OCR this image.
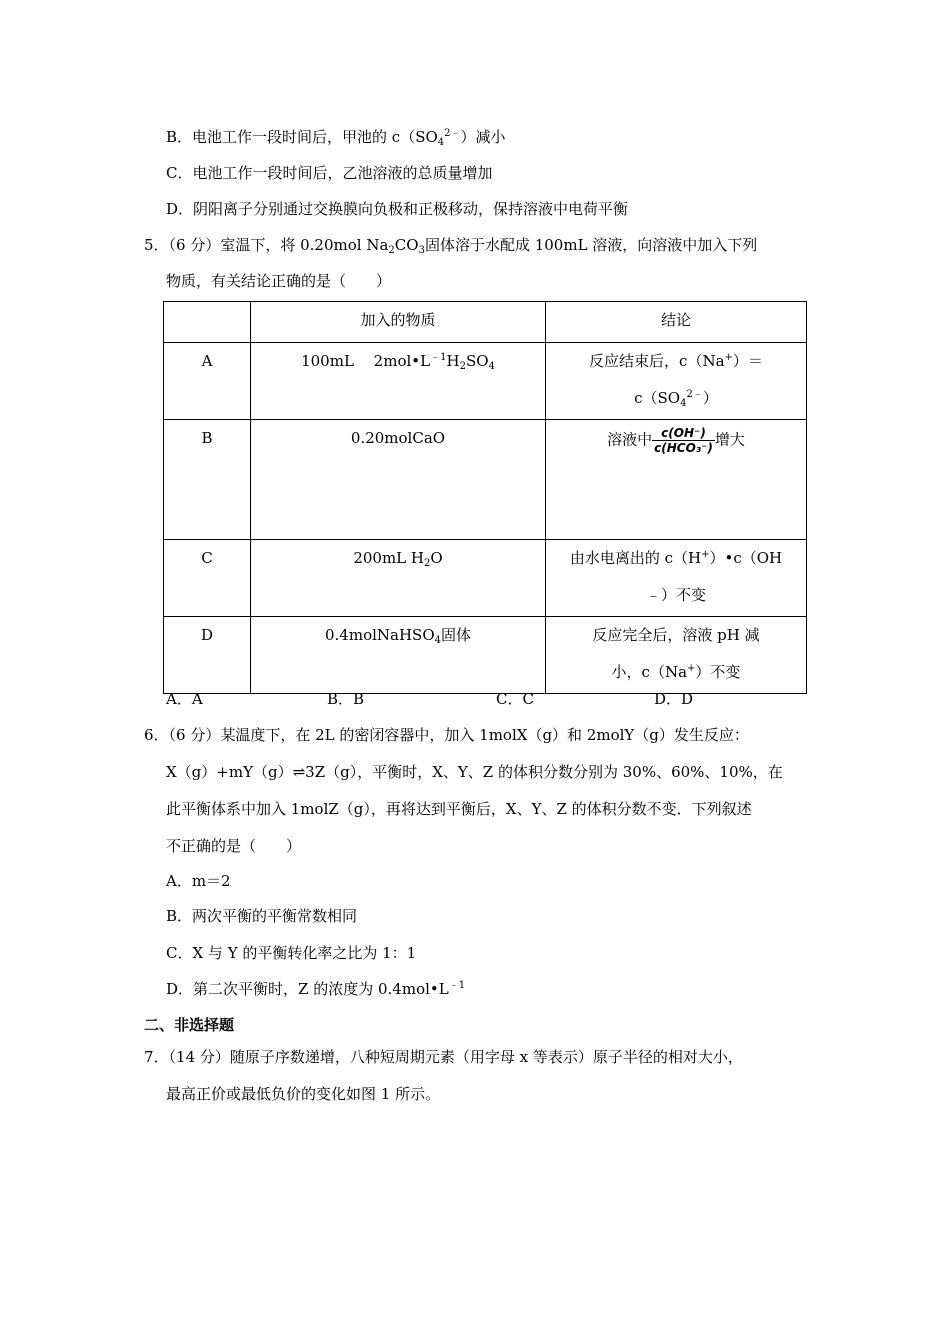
B．电池工作一段时间后，甲池的 $c(SO_4^{2﹣})$减小
C．电池工作一段时间后，乙池溶液的总质量增加
D．阴阳离子分别通过交换膜向负极和正极移动，保持溶液中电荷平衡
5．（6 分）室温下，将 0.20mol $Na_2CO_3$固体溶于水配成 100mL 溶液，向溶液中加入下列
物质，有关结论正确的是（　　）
	加入的物质	结论
A	100mL　 $2mol•L^{﹣1}H_2SO_4$	反应结束后，c（Na+）＝
$c(SO_4^{2﹣})$

B	0.20molCaO	溶液中 $\frac{c(OH^-)}{\text{c(HCO₃⁻)}}$ 增大
C	200mL $H_2O$	由水电离出的 c（H+）•c（OH
﹣）不变

D	0.4molNaHSO$_4$固体	反应完全后，溶液 pH 减
小，c（Na+）不变
A．A	B．B	C．C	D．D
6．（6 分）某温度下，在 2L 的密闭容器中，加入 1molX（g）和 2molY（g）发生反应：
X（g）+mY（g）⇌3Z（g），平衡时，X、Y、Z 的体积分数分别为 30%、60%、10%，在
此平衡体系中加入 1molZ（g），再将达到平衡后，X、Y、Z 的体积分数不变．下列叙述
不正确的是（　　）
A．m＝2
B．两次平衡的平衡常数相同
C．X 与 Y 的平衡转化率之比为 1：1
D．第二次平衡时，Z 的浓度为 $0.4mol•L^{﹣1}$
二、非选择题
7．（14 分）随原子序数递增，八种短周期元素（用字母 x 等表示）原子半径的相对大小，
最高正价或最低负价的变化如图 1 所示。
